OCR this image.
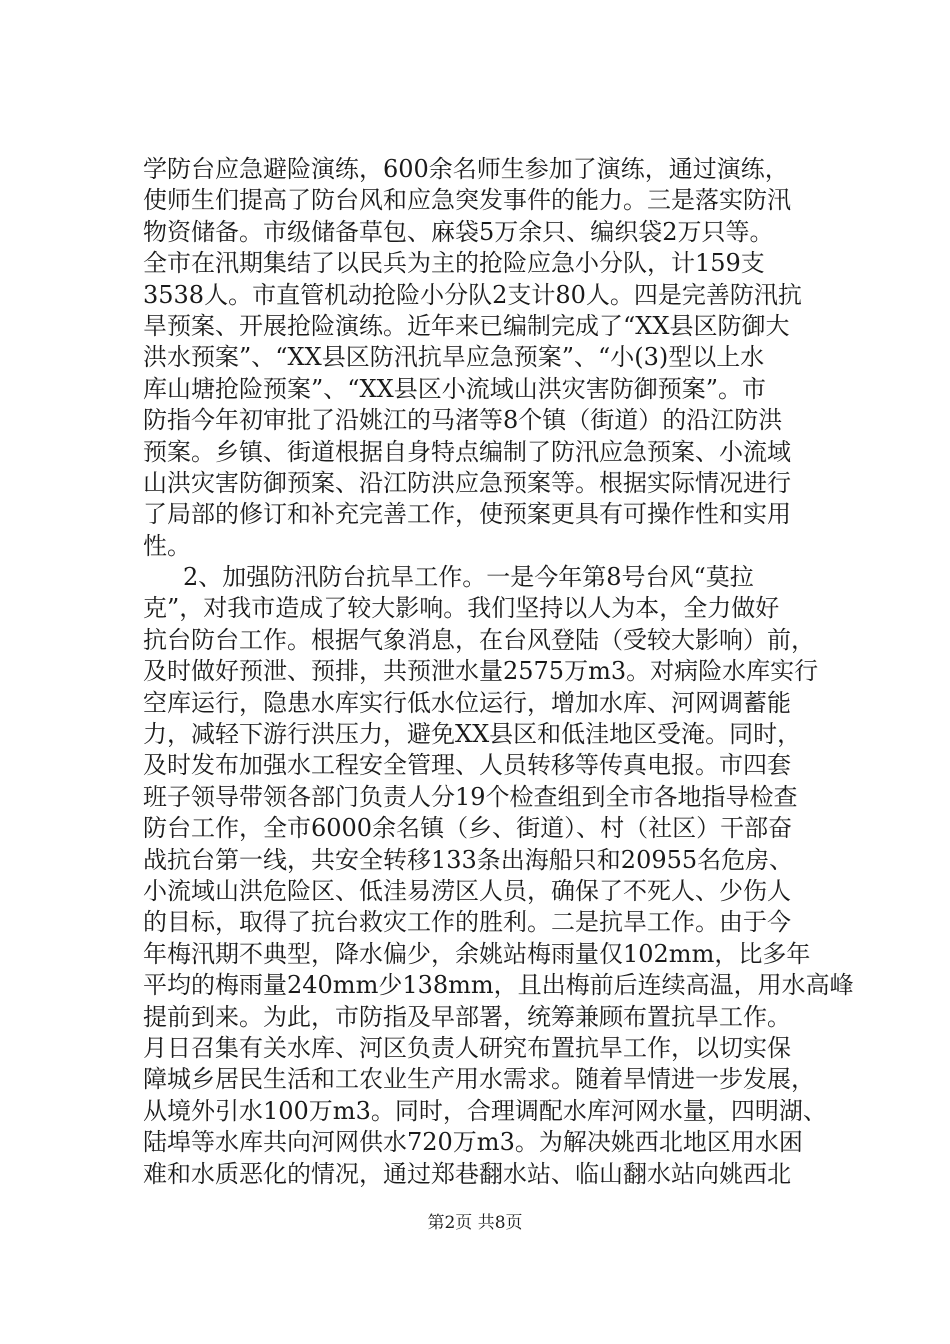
学防台应急避险演练，600余名师生参加了演练，通过演练，
使师生们提高了防台风和应急突发事件的能力。三是落实防汛
物资储备。市级储备草包、麻袋5万余只、编织袋2万只等。
全市在汛期集结了以民兵为主的抢险应急小分队，计159支
3538人。市直管机动抢险小分队2支计80人。四是完善防汛抗
旱预案、开展抢险演练。近年来已编制完成了“XX县区防御大
洪水预案”、“XX县区防汛抗旱应急预案”、“小(3)型以上水
库山塘抢险预案”、“XX县区小流域山洪灾害防御预案”。市
防指今年初审批了沿姚江的马渚等8个镇（街道）的沿江防洪
预案。乡镇、街道根据自身特点编制了防汛应急预案、小流域
山洪灾害防御预案、沿江防洪应急预案等。根据实际情况进行
了局部的修订和补充完善工作，使预案更具有可操作性和实用
性。
2、加强防汛防台抗旱工作。一是今年第8号台风“莫拉
克”，对我市造成了较大影响。我们坚持以人为本，全力做好
抗台防台工作。根据气象消息，在台风登陆（受较大影响）前，
及时做好预泄、预排，共预泄水量2575万m3。对病险水库实行
空库运行，隐患水库实行低水位运行，增加水库、河网调蓄能
力，减轻下游行洪压力，避免XX县区和低洼地区受淹。同时，
及时发布加强水工程安全管理、人员转移等传真电报。市四套
班子领导带领各部门负责人分19个检查组到全市各地指导检查
防台工作，全市6000余名镇（乡、街道）、村（社区）干部奋
战抗台第一线，共安全转移133条出海船只和20955名危房、
小流域山洪危险区、低洼易涝区人员，确保了不死人、少伤人
的目标，取得了抗台救灾工作的胜利。二是抗旱工作。由于今
年梅汛期不典型，降水偏少，余姚站梅雨量仅102mm，比多年
平均的梅雨量240mm少138mm，且出梅前后连续高温，用水高峰
提前到来。为此，市防指及早部署，统筹兼顾布置抗旱工作。
月日召集有关水库、河区负责人研究布置抗旱工作，以切实保
障城乡居民生活和工农业生产用水需求。随着旱情进一步发展，
从境外引水100万m3。同时，合理调配水库河网水量，四明湖、
陆埠等水库共向河网供水720万m3。为解决姚西北地区用水困
难和水质恶化的情况，通过郑巷翻水站、临山翻水站向姚西北
第2页 共8页
